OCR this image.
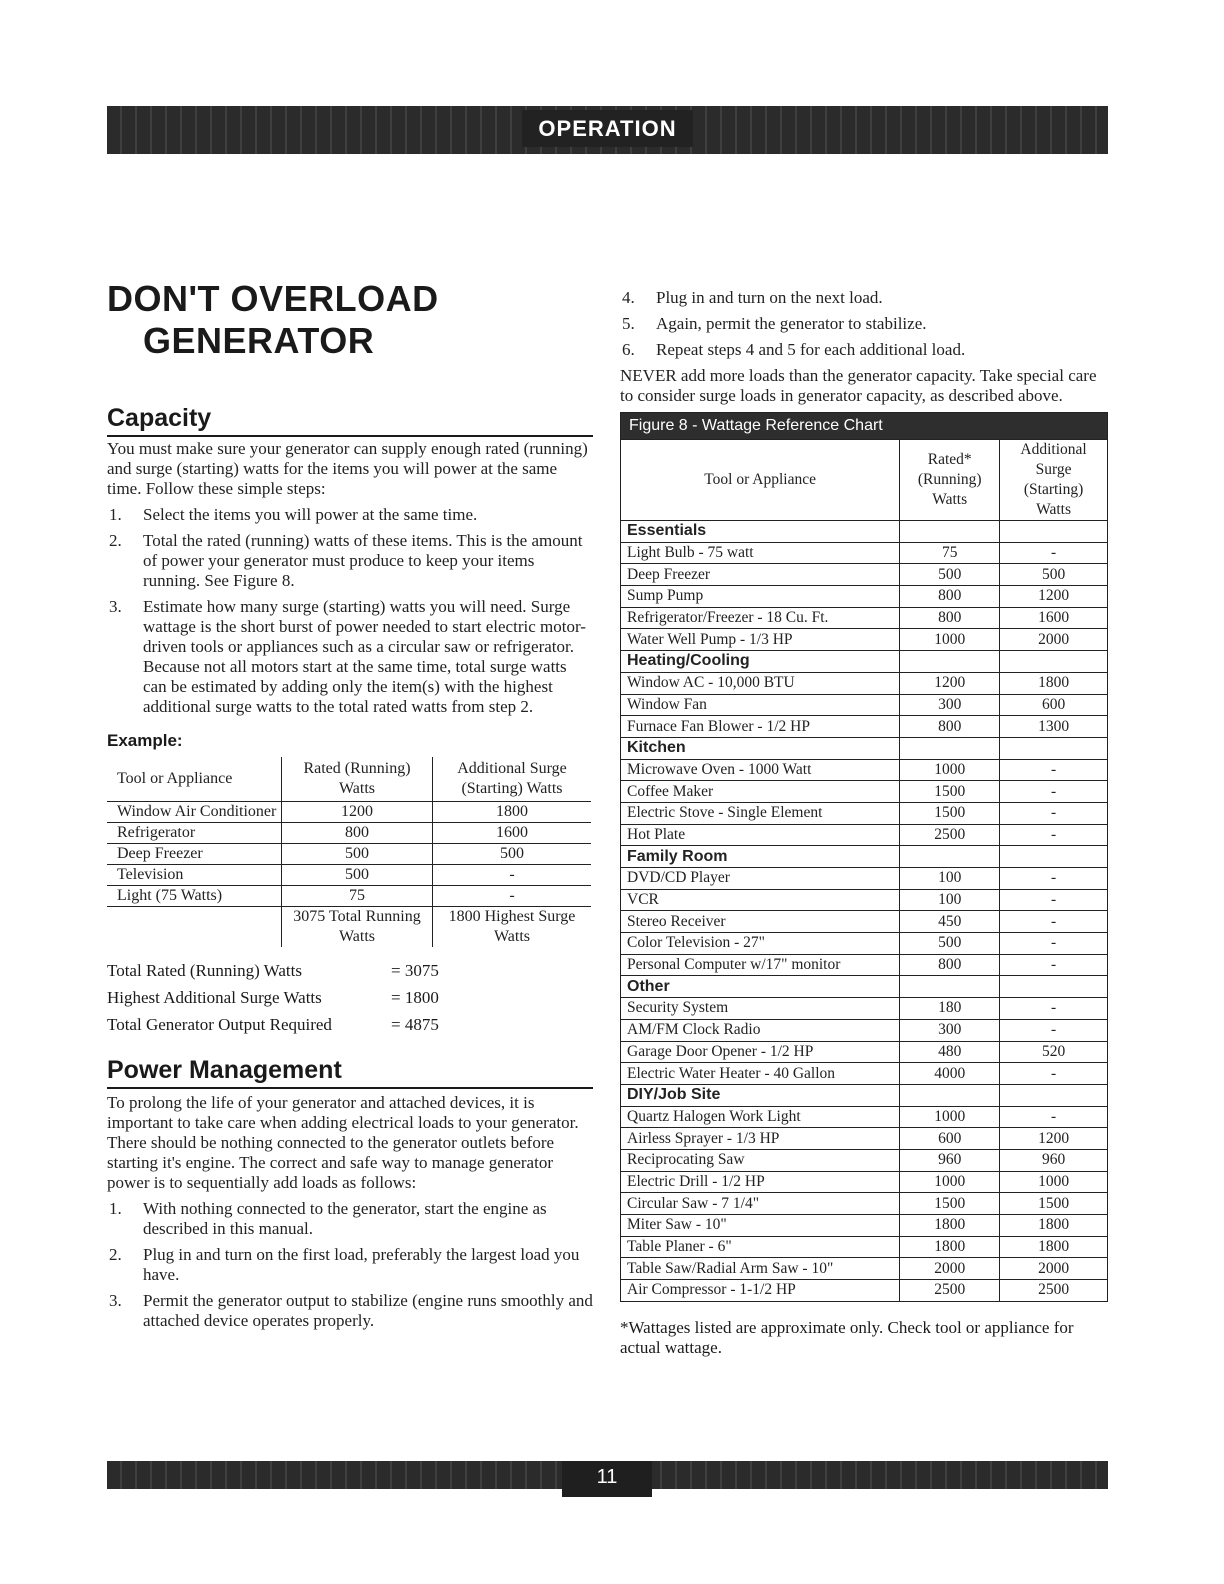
OPERATION
DON'T OVERLOAD
GENERATOR
Capacity

You must make sure your generator can supply enough rated (running) and surge (starting) watts for the items you will power at the same time. Follow these simple steps:

1. Select the items you will power at the same time.
2. Total the rated (running) watts of these items. This is the amount of power your generator must produce to keep your items running. See Figure 8.
3. Estimate how many surge (starting) watts you will need. Surge wattage is the short burst of power needed to start electric motor-driven tools or appliances such as a circular saw or refrigerator. Because not all motors start at the same time, total surge watts can be estimated by adding only the item(s) with the highest additional surge watts to the total rated watts from step 2.
Example:
Tool or Appliance	Rated (Running) Watts	Additional Surge (Starting) Watts
Window Air Conditioner	1200	1800
Refrigerator	800	1600
Deep Freezer	500	500
Television	500	-
Light (75 Watts)	75	-
	3075 Total Running Watts	1800 Highest Surge Watts
Total Rated (Running) Watts	= 3075
Highest Additional Surge Watts	= 1800
Total Generator Output Required	= 4875
Power Management

To prolong the life of your generator and attached devices, it is important to take care when adding electrical loads to your generator. There should be nothing connected to the generator outlets before starting it's engine. The correct and safe way to manage generator power is to sequentially add loads as follows:

1. With nothing connected to the generator, start the engine as described in this manual.
2. Plug in and turn on the first load, preferably the largest load you have.
3. Permit the generator output to stabilize (engine runs smoothly and attached device operates properly.
4. Plug in and turn on the next load.
5. Again, permit the generator to stabilize.
6. Repeat steps 4 and 5 for each additional load.

NEVER add more loads than the generator capacity. Take special care to consider surge loads in generator capacity, as described above.

Figure 8 - Wattage Reference Chart		
Tool or Appliance	Rated* (Running) Watts	Additional Surge (Starting) Watts
Essentials		
Light Bulb - 75 watt	75	-
Deep Freezer	500	500
Sump Pump	800	1200
Refrigerator/Freezer - 18 Cu. Ft.	800	1600
Water Well Pump - 1/3 HP	1000	2000
Heating/Cooling		
Window AC - 10,000 BTU	1200	1800
Window Fan	300	600
Furnace Fan Blower - 1/2 HP	800	1300
Kitchen		
Microwave Oven - 1000 Watt	1000	-
Coffee Maker	1500	-
Electric Stove - Single Element	1500	-
Hot Plate	2500	-
Family Room		
DVD/CD Player	100	-
VCR	100	-
Stereo Receiver	450	-
Color Television - 27"	500	-
Personal Computer w/17" monitor	800	-
Other		
Security System	180	-
AM/FM Clock Radio	300	-
Garage Door Opener - 1/2 HP	480	520
Electric Water Heater - 40 Gallon	4000	-
DIY/Job Site		
Quartz Halogen Work Light	1000	-
Airless Sprayer - 1/3 HP	600	1200
Reciprocating Saw	960	960
Electric Drill - 1/2 HP	1000	1000
Circular Saw - 7 1/4"	1500	1500
Miter Saw - 10"	1800	1800
Table Planer - 6"	1800	1800
Table Saw/Radial Arm Saw - 10"	2000	2000
Air Compressor - 1-1/2 HP	2500	2500

*Wattages listed are approximate only. Check tool or appliance for actual wattage.

11
